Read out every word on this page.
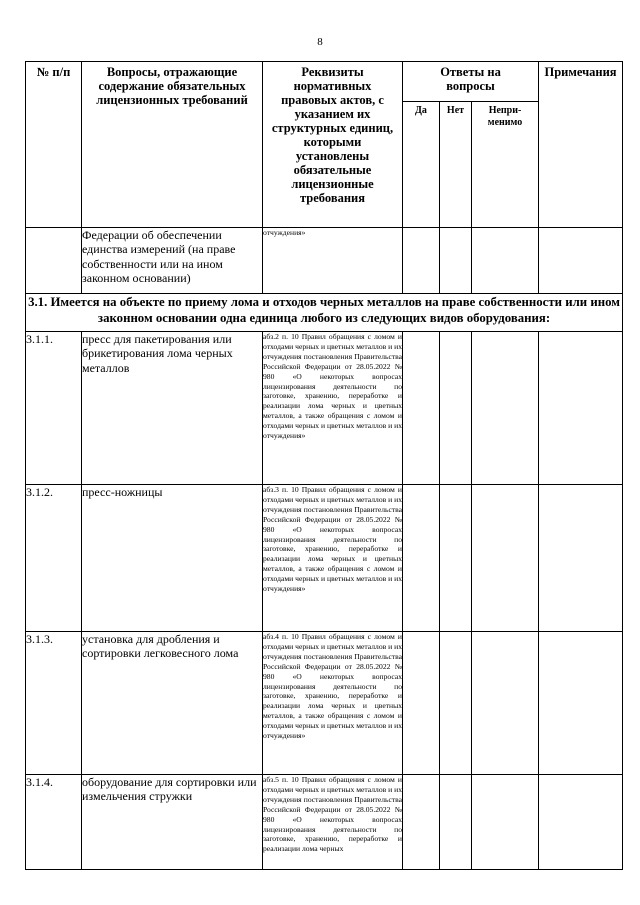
8
№ п/п	Вопросы, отражающие содержание обязательных лицензионных требований	Реквизиты нормативных правовых актов, с указанием их структурных единиц, которыми установлены обязательные лицензионные требования	Ответы на вопросы			Примечания
			Да	Нет	Непри-менимо	
	Федерации об обеспечении единства измерений (на праве собственности или на ином законном основании)	отчуждения»				
3.1. Имеется на объекте по приему лома и отходов черных металлов на праве собственности или ином законном основании одна единица любого из следующих видов оборудования:						
3.1.1.	пресс для пакетирования или брикетирования лома черных металлов	абз.2 п. 10 Правил обращения с ломом и отходами черных и цветных металлов и их отчуждения постановления Правительства Российской Федерации от 28.05.2022 № 980 «О некоторых вопросах лицензирования деятельности по заготовке, хранению, переработке и реализации лома черных и цветных металлов, а также обращения с ломом и отходами черных и цветных металлов и их отчуждения»				
3.1.2.	пресс-ножницы	абз.3 п. 10 Правил обращения с ломом и отходами черных и цветных металлов и их отчуждения постановления Правительства Российской Федерации от 28.05.2022 № 980 «О некоторых вопросах лицензирования деятельности по заготовке, хранению, переработке и реализации лома черных и цветных металлов, а также обращения с ломом и отходами черных и цветных металлов и их отчуждения»				
3.1.3.	установка для дробления и сортировки легковесного лома	абз.4 п. 10 Правил обращения с ломом и отходами черных и цветных металлов и их отчуждения постановления Правительства Российской Федерации от 28.05.2022 № 980 «О некоторых вопросах лицензирования деятельности по заготовке, хранению, переработке и реализации лома черных и цветных металлов, а также обращения с ломом и отходами черных и цветных металлов и их отчуждения»				
3.1.4.	оборудование для сортировки или измельчения стружки	абз.5 п. 10 Правил обращения с ломом и отходами черных и цветных металлов и их отчуждения постановления Правительства Российской Федерации от 28.05.2022 № 980 «О некоторых вопросах лицензирования деятельности по заготовке, хранению, переработке и реализации лома черных				
